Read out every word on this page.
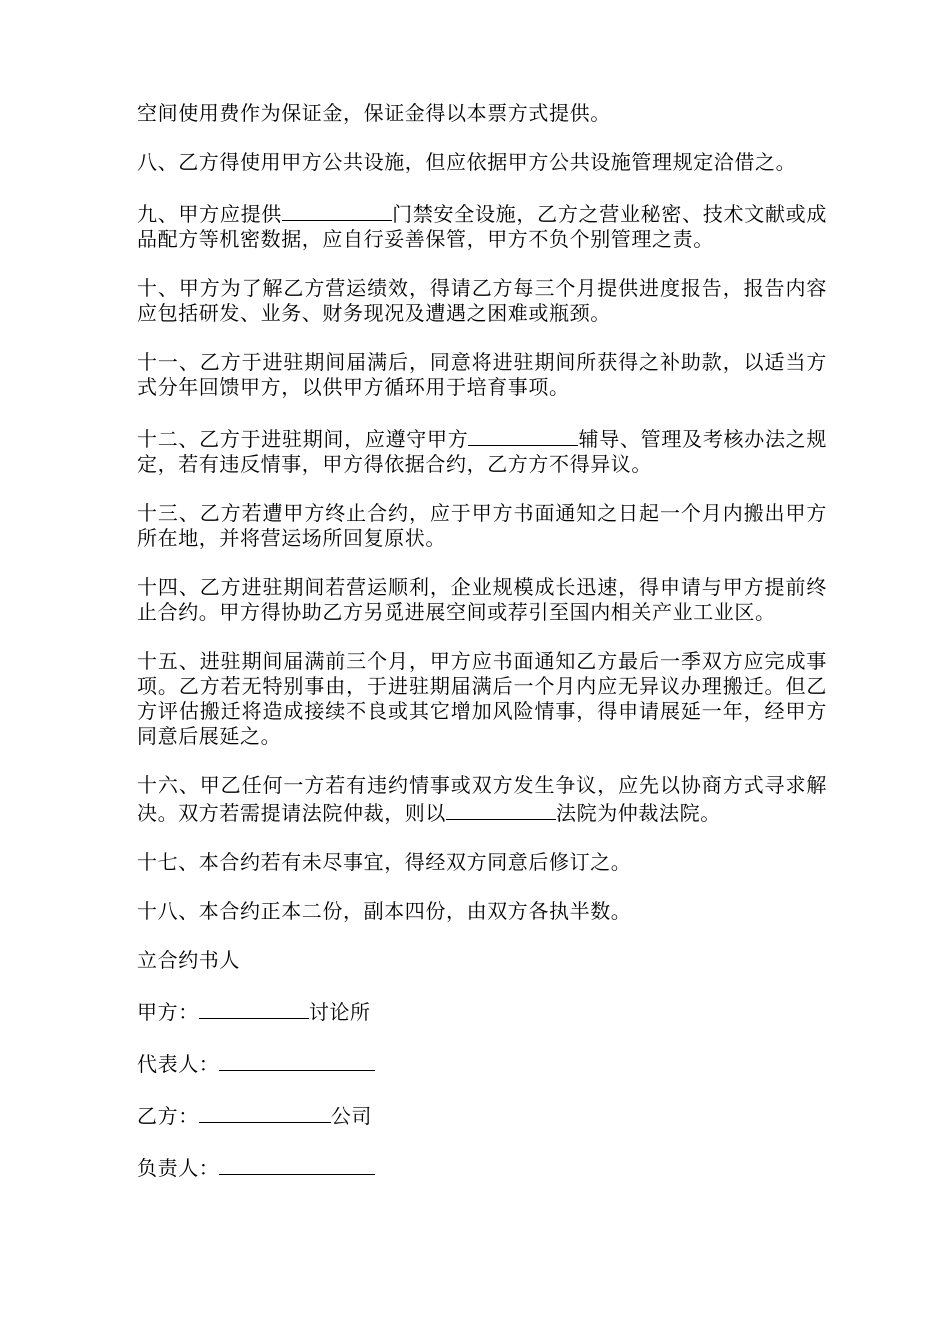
空间使用费作为保证金，保证金得以本票方式提供。

八、乙方得使用甲方公共设施，但应依据甲方公共设施管理规定洽借之。

九、甲方应提供	门禁安全设施，乙方之营业秘密、技术文献或成品配方等机密数据，应自行妥善保管，甲方不负个别管理之责。

十、甲方为了解乙方营运绩效，得请乙方每三个月提供进度报告，报告内容应包括研发、业务、财务现况及遭遇之困难或瓶颈。

十一、乙方于进驻期间届满后，同意将进驻期间所获得之补助款，以适当方式分年回馈甲方，以供甲方循环用于培育事项。

十二、乙方于进驻期间，应遵守甲方	辅导、管理及考核办法之规定，若有违反情事，甲方得依据合约，乙方方不得异议。

十三、乙方若遭甲方终止合约，应于甲方书面通知之日起一个月内搬出甲方所在地，并将营运场所回复原状。

十四、乙方进驻期间若营运顺利，企业规模成长迅速，得申请与甲方提前终止合约。甲方得协助乙方另觅进展空间或荐引至国内相关产业工业区。

十五、进驻期间届满前三个月，甲方应书面通知乙方最后一季双方应完成事项。乙方若无特别事由，于进驻期届满后一个月内应无异议办理搬迁。但乙方评估搬迁将造成接续不良或其它增加风险情事，得申请展延一年，经甲方同意后展延之。

十六、甲乙任何一方若有违约情事或双方发生争议，应先以协商方式寻求解决。双方若需提请法院仲裁，则以	法院为仲裁法院。

十七、本合约若有未尽事宜，得经双方同意后修订之。

十八、本合约正本二份，副本四份，由双方各执半数。

立合约书人

甲方：	讨论所

代表人：

乙方：	公司

负责人：
